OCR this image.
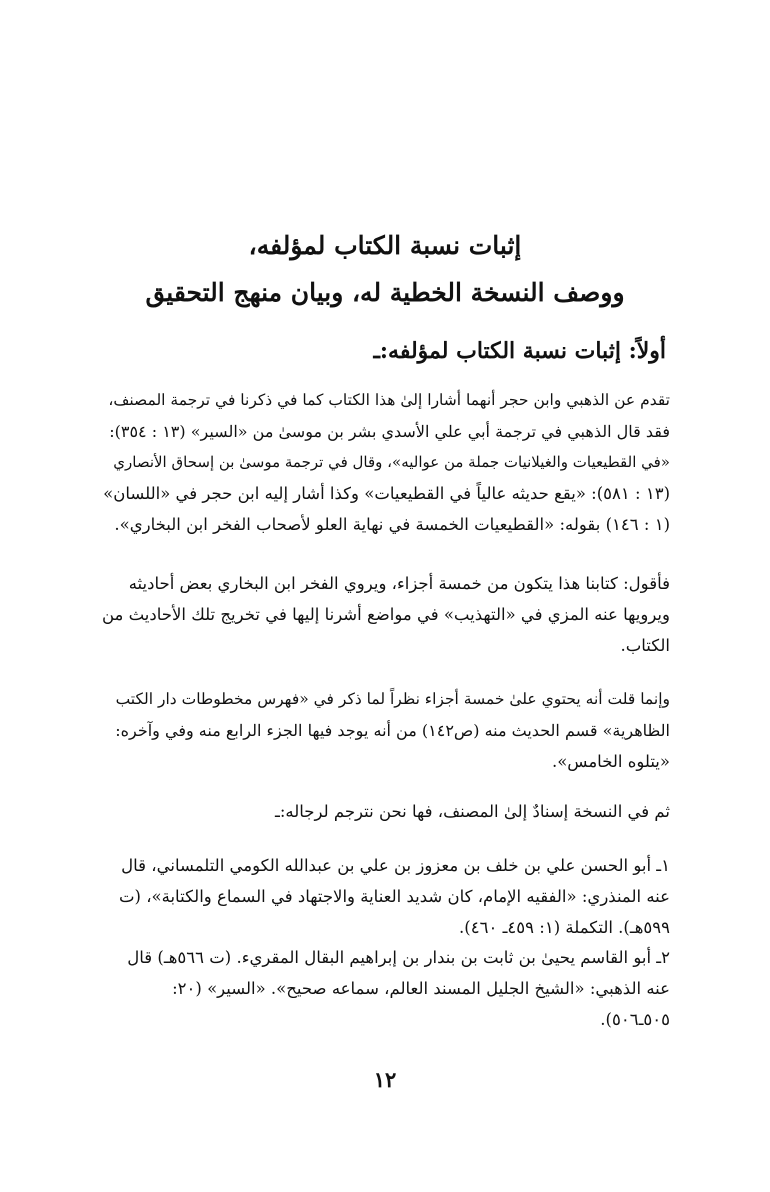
إثبات نسبة الكتاب لمؤلفه،
ووصف النسخة الخطية له، وبيان منهج التحقيق
أولاً: إثبات نسبة الكتاب لمؤلفه:ـ
تقدم عن الذهبي وابن حجر أنهما أشارا إلىٰ هذا الكتاب كما في ذكرنا في ترجمة المصنف،
فقد قال الذهبي في ترجمة أبي علي الأسدي بشر بن موسىٰ من «السير» (١٣ : ٣٥٤):
«في القطيعيات والغيلانيات جملة من عواليه»، وقال في ترجمة موسىٰ بن إسحاق الأنصاري
(١٣ : ٥٨١): «يقع حديثه عالياً في القطيعيات» وكذا أشار إليه ابن حجر في «اللسان»
(١ : ١٤٦) بقوله: «القطيعيات الخمسة في نهاية العلو لأصحاب الفخر ابن البخاري».
فأقول: كتابنا هذا يتكون من خمسة أجزاء، ويروي الفخر ابن البخاري بعض أحاديثه
ويرويها عنه المزي في «التهذيب» في مواضع أشرنا إليها في تخريج تلك الأحاديث من
الكتاب.
وإنما قلت أنه يحتوي علىٰ خمسة أجزاء نظراً لما ذكر في «فهرس مخطوطات دار الكتب
الظاهرية» قسم الحديث منه (ص١٤٢) من أنه يوجد فيها الجزء الرابع منه وفي وآخره:
«يتلوه الخامس».
ثم في النسخة إسنادٌ إلىٰ المصنف، فها نحن نترجم لرجاله:ـ
١ـ أبو الحسن علي بن خلف بن معزوز بن علي بن عبدالله الكومي التلمساني، قال
عنه المنذري: «الفقيه الإمام، كان شديد العناية والاجتهاد في السماع والكتابة»، (ت
٥٩٩هـ). التكملة (١: ٤٥٩ـ ٤٦٠).
٢ـ أبو القاسم يحيىٰ بن ثابت بن بندار بن إبراهيم البقال المقريء. (ت ٥٦٦هـ) قال
عنه الذهبي: «الشيخ الجليل المسند العالم، سماعه صحيح». «السير» (٢٠:
٥٠٥ـ٥٠٦).
١٢
